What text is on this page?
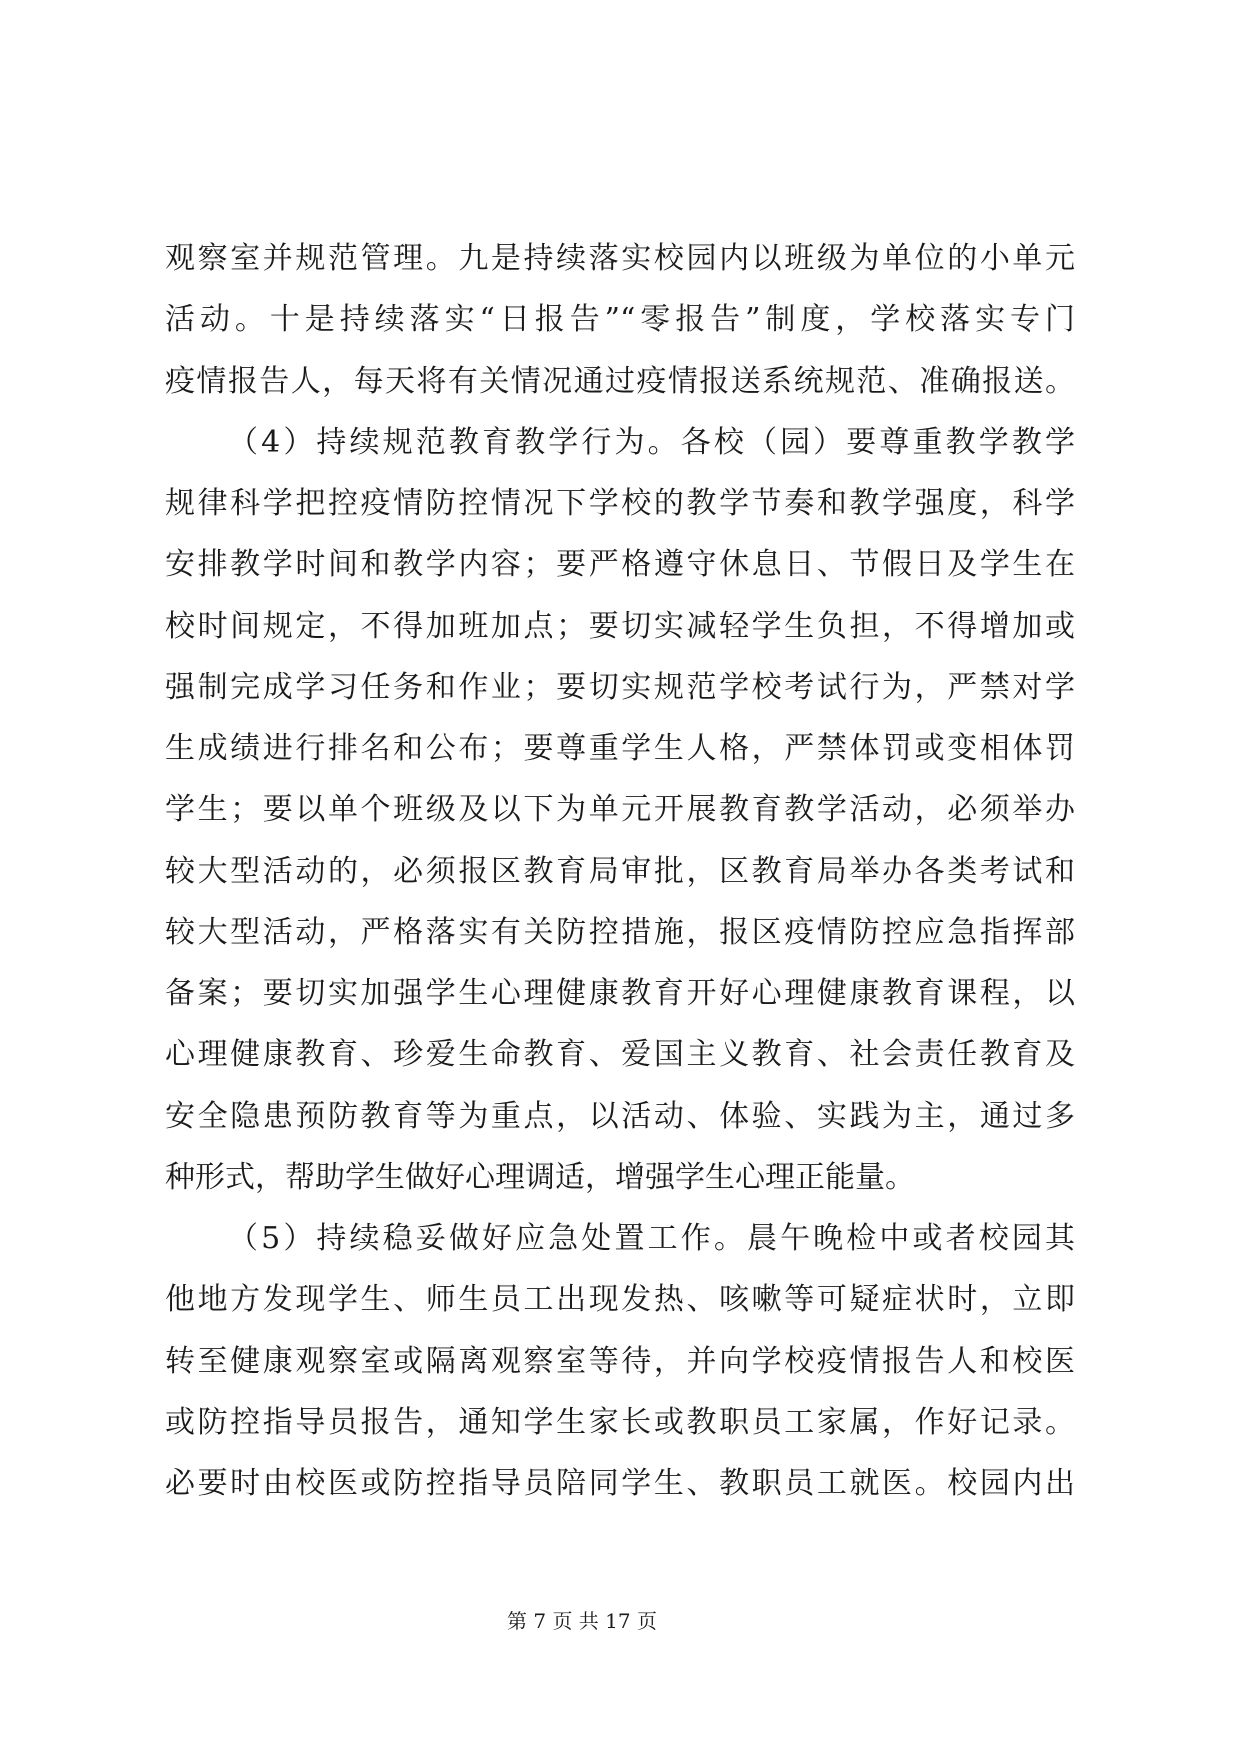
观察室并规范管理。九是持续落实校园内以班级为单位的小单元
活动。十是持续落实“日报告”“零报告”制度，学校落实专门
疫情报告人，每天将有关情况通过疫情报送系统规范、准确报送。
（4）持续规范教育教学行为。各校（园）要尊重教学教学
规律科学把控疫情防控情况下学校的教学节奏和教学强度，科学
安排教学时间和教学内容；要严格遵守休息日、节假日及学生在
校时间规定，不得加班加点；要切实减轻学生负担，不得增加或
强制完成学习任务和作业；要切实规范学校考试行为，严禁对学
生成绩进行排名和公布；要尊重学生人格，严禁体罚或变相体罚
学生；要以单个班级及以下为单元开展教育教学活动，必须举办
较大型活动的，必须报区教育局审批，区教育局举办各类考试和
较大型活动，严格落实有关防控措施，报区疫情防控应急指挥部
备案；要切实加强学生心理健康教育开好心理健康教育课程，以
心理健康教育、珍爱生命教育、爱国主义教育、社会责任教育及
安全隐患预防教育等为重点，以活动、体验、实践为主，通过多
种形式，帮助学生做好心理调适，增强学生心理正能量。
（5）持续稳妥做好应急处置工作。晨午晚检中或者校园其
他地方发现学生、师生员工出现发热、咳嗽等可疑症状时，立即
转至健康观察室或隔离观察室等待，并向学校疫情报告人和校医
或防控指导员报告，通知学生家长或教职员工家属，作好记录。
必要时由校医或防控指导员陪同学生、教职员工就医。校园内出
第 7 页 共 17 页
